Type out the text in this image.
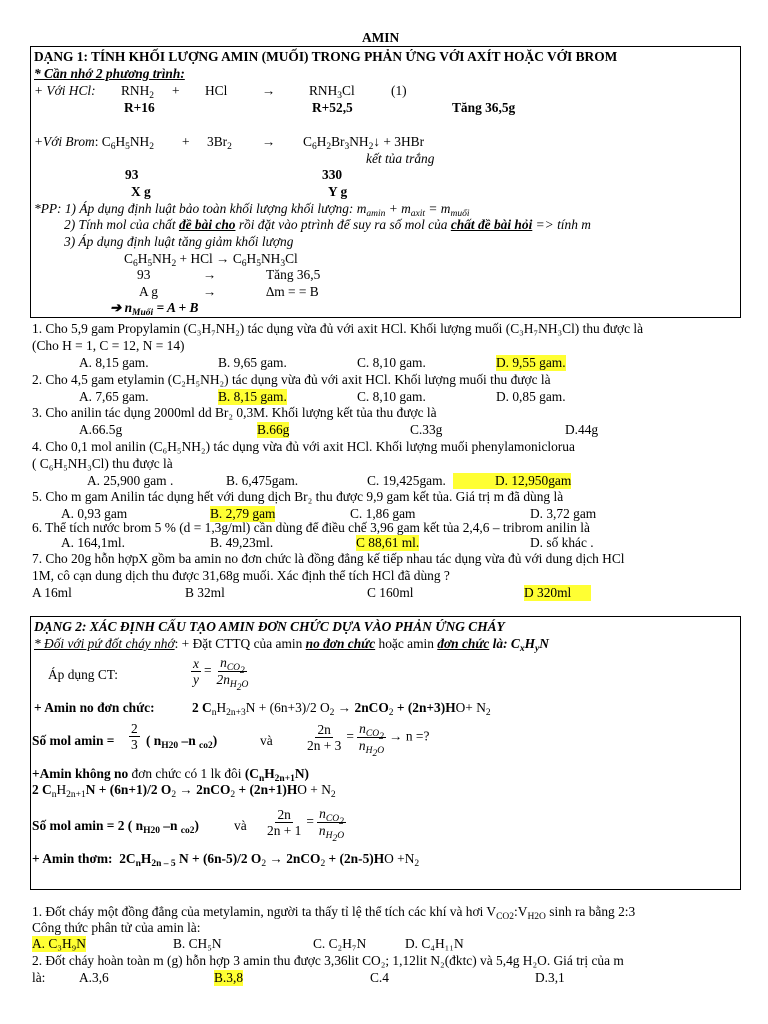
AMIN
DẠNG 1: TÍNH KHỐI LƯỢNG AMIN (MUỐI) TRONG PHẢN ỨNG VỚI AXÍT HOẶC VỚI BROM
* Cần nhớ 2 phương trình:
+ Với HCl: $RNH_2$ + HCl	→	$RNH_3Cl$	(1)
R+16	R+52,5	Tăng 36,5g
+Với Brom: $C_6H_5NH_2 + 3Br_2$ → $C_6H_2Br_3NH_2↓ + 3HBr$
kết tủa trắng
93	330
X g	Y g
*PP: 1) Áp dụng định luật bảo toàn khối lượng khối lượng: $m_{amin} + m_{axit} = m_{muối}$
2) Tính mol của chất đề bài cho rồi đặt vào ptrình để suy ra số mol của chất đề bài hỏi => tính m
3) Áp dụng định luật tăng giảm khối lượng
$C_6H_5NH_2$ + HCl → $C_6H_5NH_3Cl$
93	→	Tăng 36,5
A g	→	∆m = = B
➔ $n_{Muối} = A + B$
1. Cho 5,9 gam Propylamin (C₃H₇NH₂) tác dụng vừa đủ với axit HCl. Khối lượng muối (C₃H₇NH₃Cl) thu được là
(Cho H = 1, C = 12, N = 14)
A. 8,15 gam.	B. 9,65 gam.	C. 8,10 gam.	D. 9,55 gam.
2. Cho 4,5 gam etylamin (C₂H₅NH₂) tác dụng vừa đủ với axit HCl. Khối lượng muối thu được là
A. 7,65 gam.	B. 8,15 gam.	C. 8,10 gam.	D. 0,85 gam.
3. Cho anilin tác dụng 2000ml dd Br₂ 0,3M. Khối lượng kết tủa thu được là
A.66.5g	B.66g	C.33g	D.44g
4. Cho 0,1 mol anilin (C₆H₅NH₂) tác dụng vừa đủ với axit HCl. Khối lượng muối phenylamoniclorua
( C₆H₅NH₃Cl) thu được là
A. 25,900 gam .	B. 6,475gam.	C. 19,425gam.	D. 12,950gam
5. Cho m gam Anilin tác dụng hết với dung dịch Br₂ thu được 9,9 gam kết tủa. Giá trị m đã dùng là
A. 0,93 gam	B. 2,79 gam	C. 1,86 gam	D. 3,72 gam
6. Thể tích nước brom 5 % (d = 1,3g/ml) cần dùng để điều chế 3,96 gam kết tủa 2,4,6 – tribrom anilin là
A. 164,1ml.	B. 49,23ml.	C 88,61 ml.	D. số khác .
7. Cho 20g hỗn hợpX gồm ba amin no đơn chức là đồng đẳng kế tiếp nhau tác dụng vừa đủ với dung dịch HCl
1M, cô cạn dung dịch thu được 31,68g muối. Xác định thể tích HCl đã dùng ?
A 16ml	B 32ml	C 160ml	D 320ml
DẠNG 2: XÁC ĐỊNH CẤU TẠO AMIN ĐƠN CHỨC DỰA VÀO PHẢN ỨNG CHÁY
* Đối với pứ đốt cháy nhớ: + Đặt CTTQ của amin no đơn chức hoặc amin đơn chức là: $C_xH_yN$
Áp dụng CT:	$\frac{x}{y} = \frac{n_{CO_2}}{2n_{H_2O}}$
+ Amin no đơn chức:	2 $C_nH_{2n+3}N + (6n+3)/2$ $O_2 \to 2nCO_2 + (2n+3)HO+ N_2$
Số mol $amin = \frac{2}{3}$ ( $n_{H20}$ –n $_{co2}$)	và $\frac{2n}{2n + 3} = \frac{n_{CO_2}}{n_{H_2O}} \to n$ =?
+Amin không no đơn chức có 1 lk đôi $(C_nH_{2n+1}N)$
2 $C_nH_{2n+1}N + (6n+1)/2$ $O_2 \to 2nCO_2 + (2n+1)HO + N_2$
Số mol amin = 2 ( $n_{H20}$ –n $_{co2}$)	và $\frac{2n}{2n + 1} = \frac{n_{CO_2}}{n_{H_2O}}$
+ Amin thơm: $2C_nH_{2n - 5}$ N + (6n-5)/2 $O_2 \to 2nCO_2 + (2n-5)HO +N_2$
1. Đốt cháy một đồng đẳng của metylamin, người ta thấy tỉ lệ thể tích các khí và hơi $V_{CO2}:V_{H2O}$ sinh ra bằng 2:3
Công thức phân tử của amin là:
A. C₃H₉N	B. CH₅N	C. C₂H₇N	D. C₄H₁₁N
2. Đốt cháy hoàn toàn m (g) hỗn hợp 3 amin thu được 3,36lit CO₂; 1,12lit N₂(đktc) và 5,4g H₂O. Giá trị của m
là:	A.3,6	B.3,8	C.4	D.3,1
